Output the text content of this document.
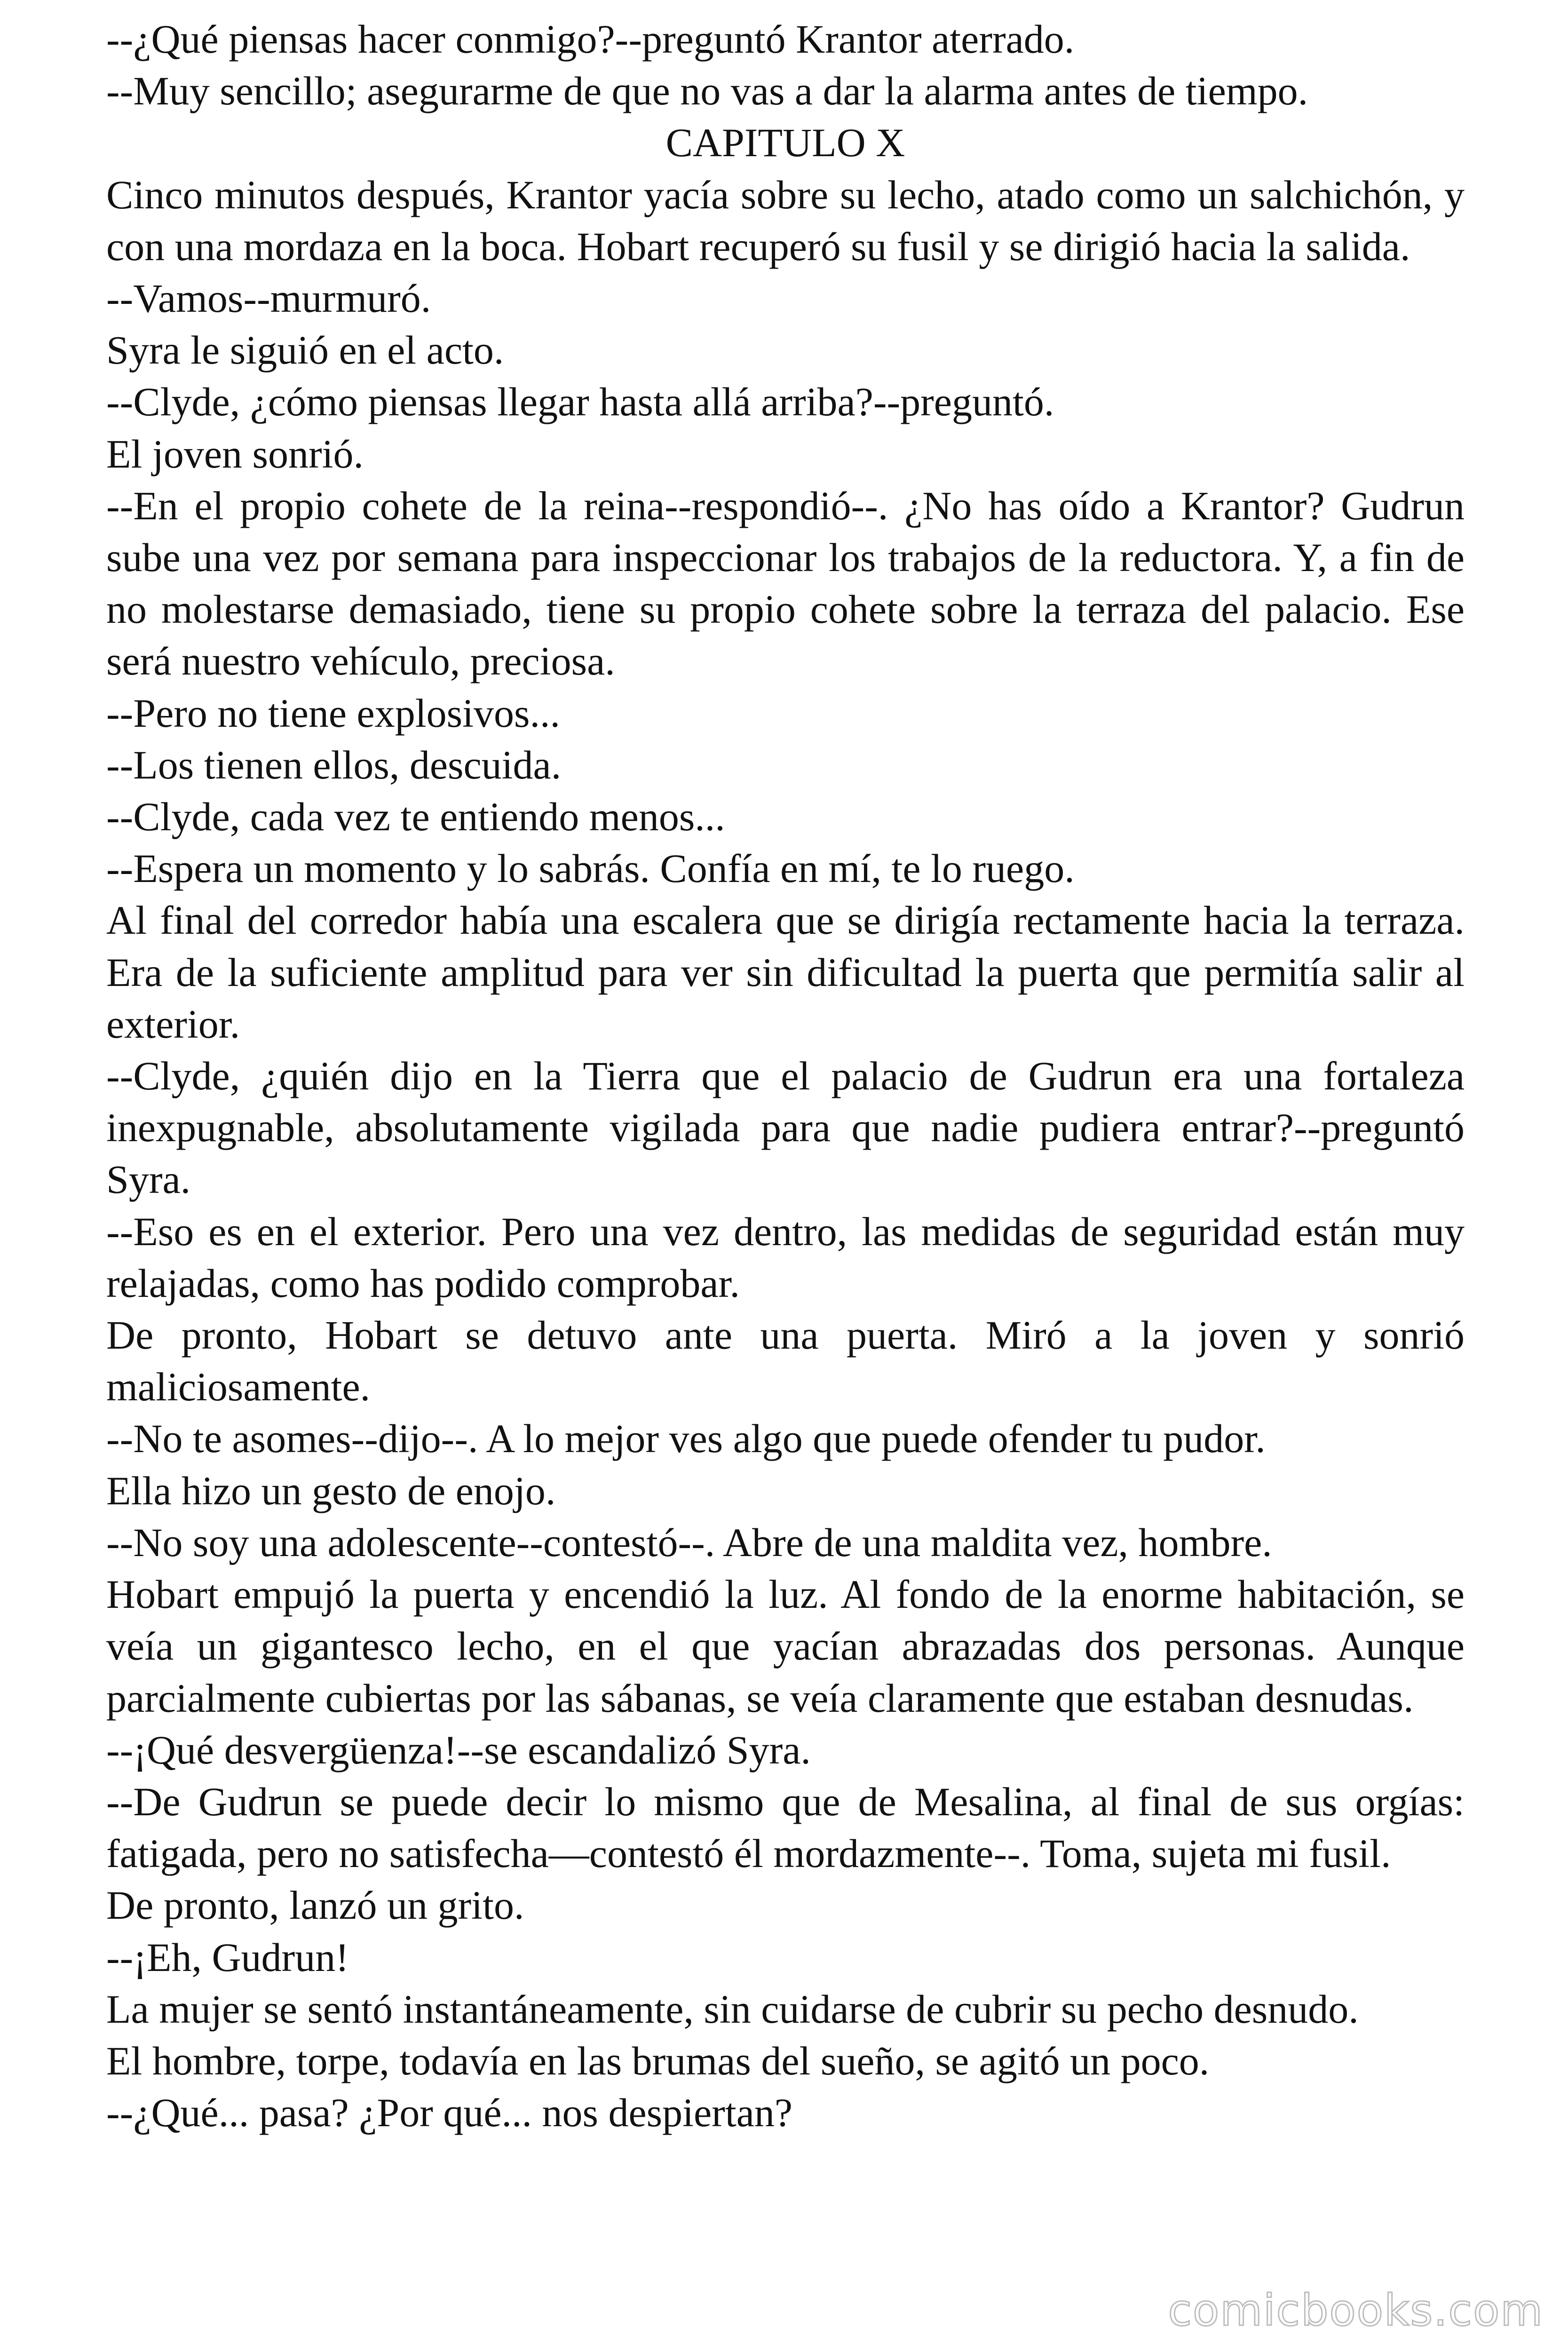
--¿Qué piensas hacer conmigo?--preguntó Krantor aterrado.

--Muy sencillo; asegurarme de que no vas a dar la alarma antes de tiempo.

CAPITULO X

Cinco minutos después, Krantor yacía sobre su lecho, atado como un salchichón, y con una mordaza en la boca. Hobart recuperó su fusil y se dirigió hacia la salida.

--Vamos--murmuró.

Syra le siguió en el acto.

--Clyde, ¿cómo piensas llegar hasta allá arriba?--preguntó.

El joven sonrió.

--En el propio cohete de la reina--respondió--. ¿No has oído a Krantor? Gudrun sube una vez por semana para inspeccionar los trabajos de la reductora. Y, a fin de no molestarse demasiado, tiene su propio cohete sobre la terraza del palacio. Ese será nuestro vehículo, preciosa.

--Pero no tiene explosivos...

--Los tienen ellos, descuida.

--Clyde, cada vez te entiendo menos...

--Espera un momento y lo sabrás. Confía en mí, te lo ruego.

Al final del corredor había una escalera que se dirigía rectamente hacia la terraza. Era de la suficiente amplitud para ver sin dificultad la puerta que permitía salir al exterior.

--Clyde, ¿quién dijo en la Tierra que el palacio de Gudrun era una fortaleza inexpugnable, absolutamente vigilada para que nadie pudiera entrar?--preguntó Syra.

--Eso es en el exterior. Pero una vez dentro, las medidas de seguridad están muy relajadas, como has podido comprobar.

De pronto, Hobart se detuvo ante una puerta. Miró a la joven y sonrió maliciosamente.

--No te asomes--dijo--. A lo mejor ves algo que puede ofender tu pudor.

Ella hizo un gesto de enojo.

--No soy una adolescente--contestó--. Abre de una maldita vez, hombre.

Hobart empujó la puerta y encendió la luz. Al fondo de la enorme habitación, se veía un gigantesco lecho, en el que yacían abrazadas dos personas. Aunque parcialmente cubiertas por las sábanas, se veía claramente que estaban desnudas.

--¡Qué desvergüenza!--se escandalizó Syra.

--De Gudrun se puede decir lo mismo que de Mesalina, al final de sus orgías: fatigada, pero no satisfecha—contestó él mordazmente--. Toma, sujeta mi fusil.

De pronto, lanzó un grito.

--¡Eh, Gudrun!

La mujer se sentó instantáneamente, sin cuidarse de cubrir su pecho desnudo.

El hombre, torpe, todavía en las brumas del sueño, se agitó un poco.

--¿Qué... pasa? ¿Por qué... nos despiertan?

comicbooks.com
